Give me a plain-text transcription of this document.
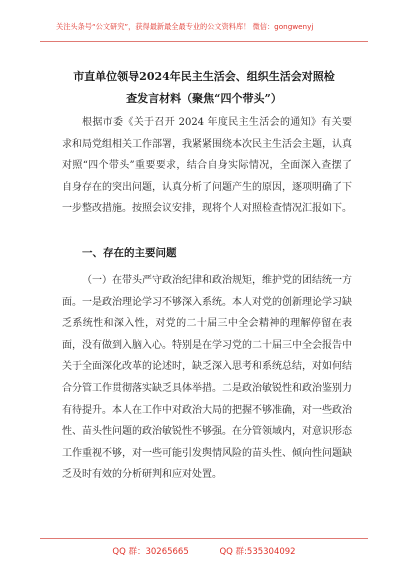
关注头条号“公文研究”，获得最新最全最专业的公文资料库！ 微信：gongwenyj
市直单位领导2024年民主生活会、组织生活会对照检
查发言材料（聚焦“四个带头”）
根据市委《关于召开 2024 年度民主生活会的通知》有关要求和局党组相关工作部署，我紧紧围绕本次民主生活会主题，认真对照“四个带头”重要要求，结合自身实际情况，全面深入查摆了自身存在的突出问题，认真分析了问题产生的原因，逐项明确了下一步整改措施。按照会议安排，现将个人对照检查情况汇报如下。
一、存在的主要问题
（一）在带头严守政治纪律和政治规矩，维护党的团结统一方面。一是政治理论学习不够深入系统。本人对党的创新理论学习缺乏系统性和深入性，对党的二十届三中全会精神的理解停留在表面，没有做到入脑入心。特别是在学习党的二十届三中全会报告中关于全面深化改革的论述时，缺乏深入思考和系统总结，对如何结合分管工作贯彻落实缺乏具体举措。二是政治敏锐性和政治鉴别力有待提升。本人在工作中对政治大局的把握不够准确，对一些政治性、苗头性问题的政治敏锐性不够强。在分管领域内，对意识形态工作重视不够，对一些可能引发舆情风险的苗头性、倾向性问题缺乏及时有效的分析研判和应对处置。
QQ 群：30265665	QQ 群:535304092
